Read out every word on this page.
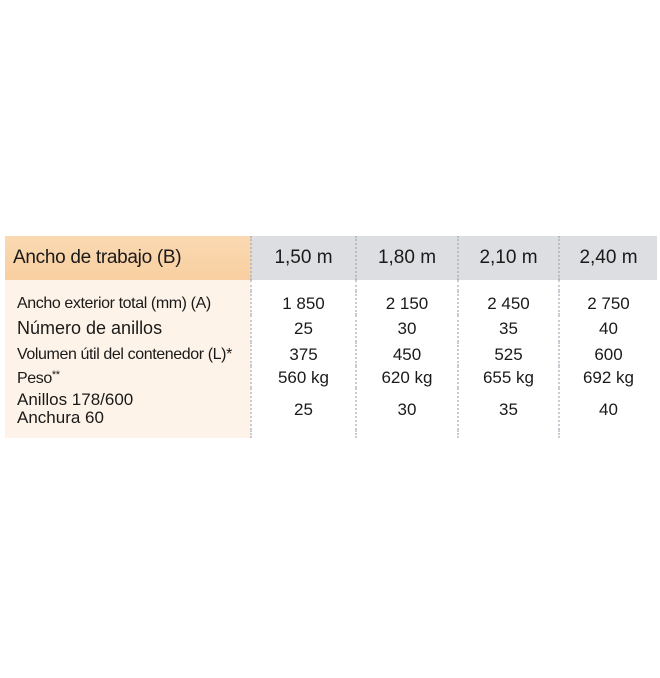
Ancho de trabajo (B)	1,50 m	1,80 m	2,10 m	2,40 m

Ancho exterior total (mm) (A)	1 850	2 150	2 450	2 750
Número de anillos	25	30	35	40
Volumen útil del contenedor (L)*	375	450	525	600
Peso**	560 kg	620 kg	655 kg	692 kg

Anillos 178/600
Anchura 60	25	30	35	40
